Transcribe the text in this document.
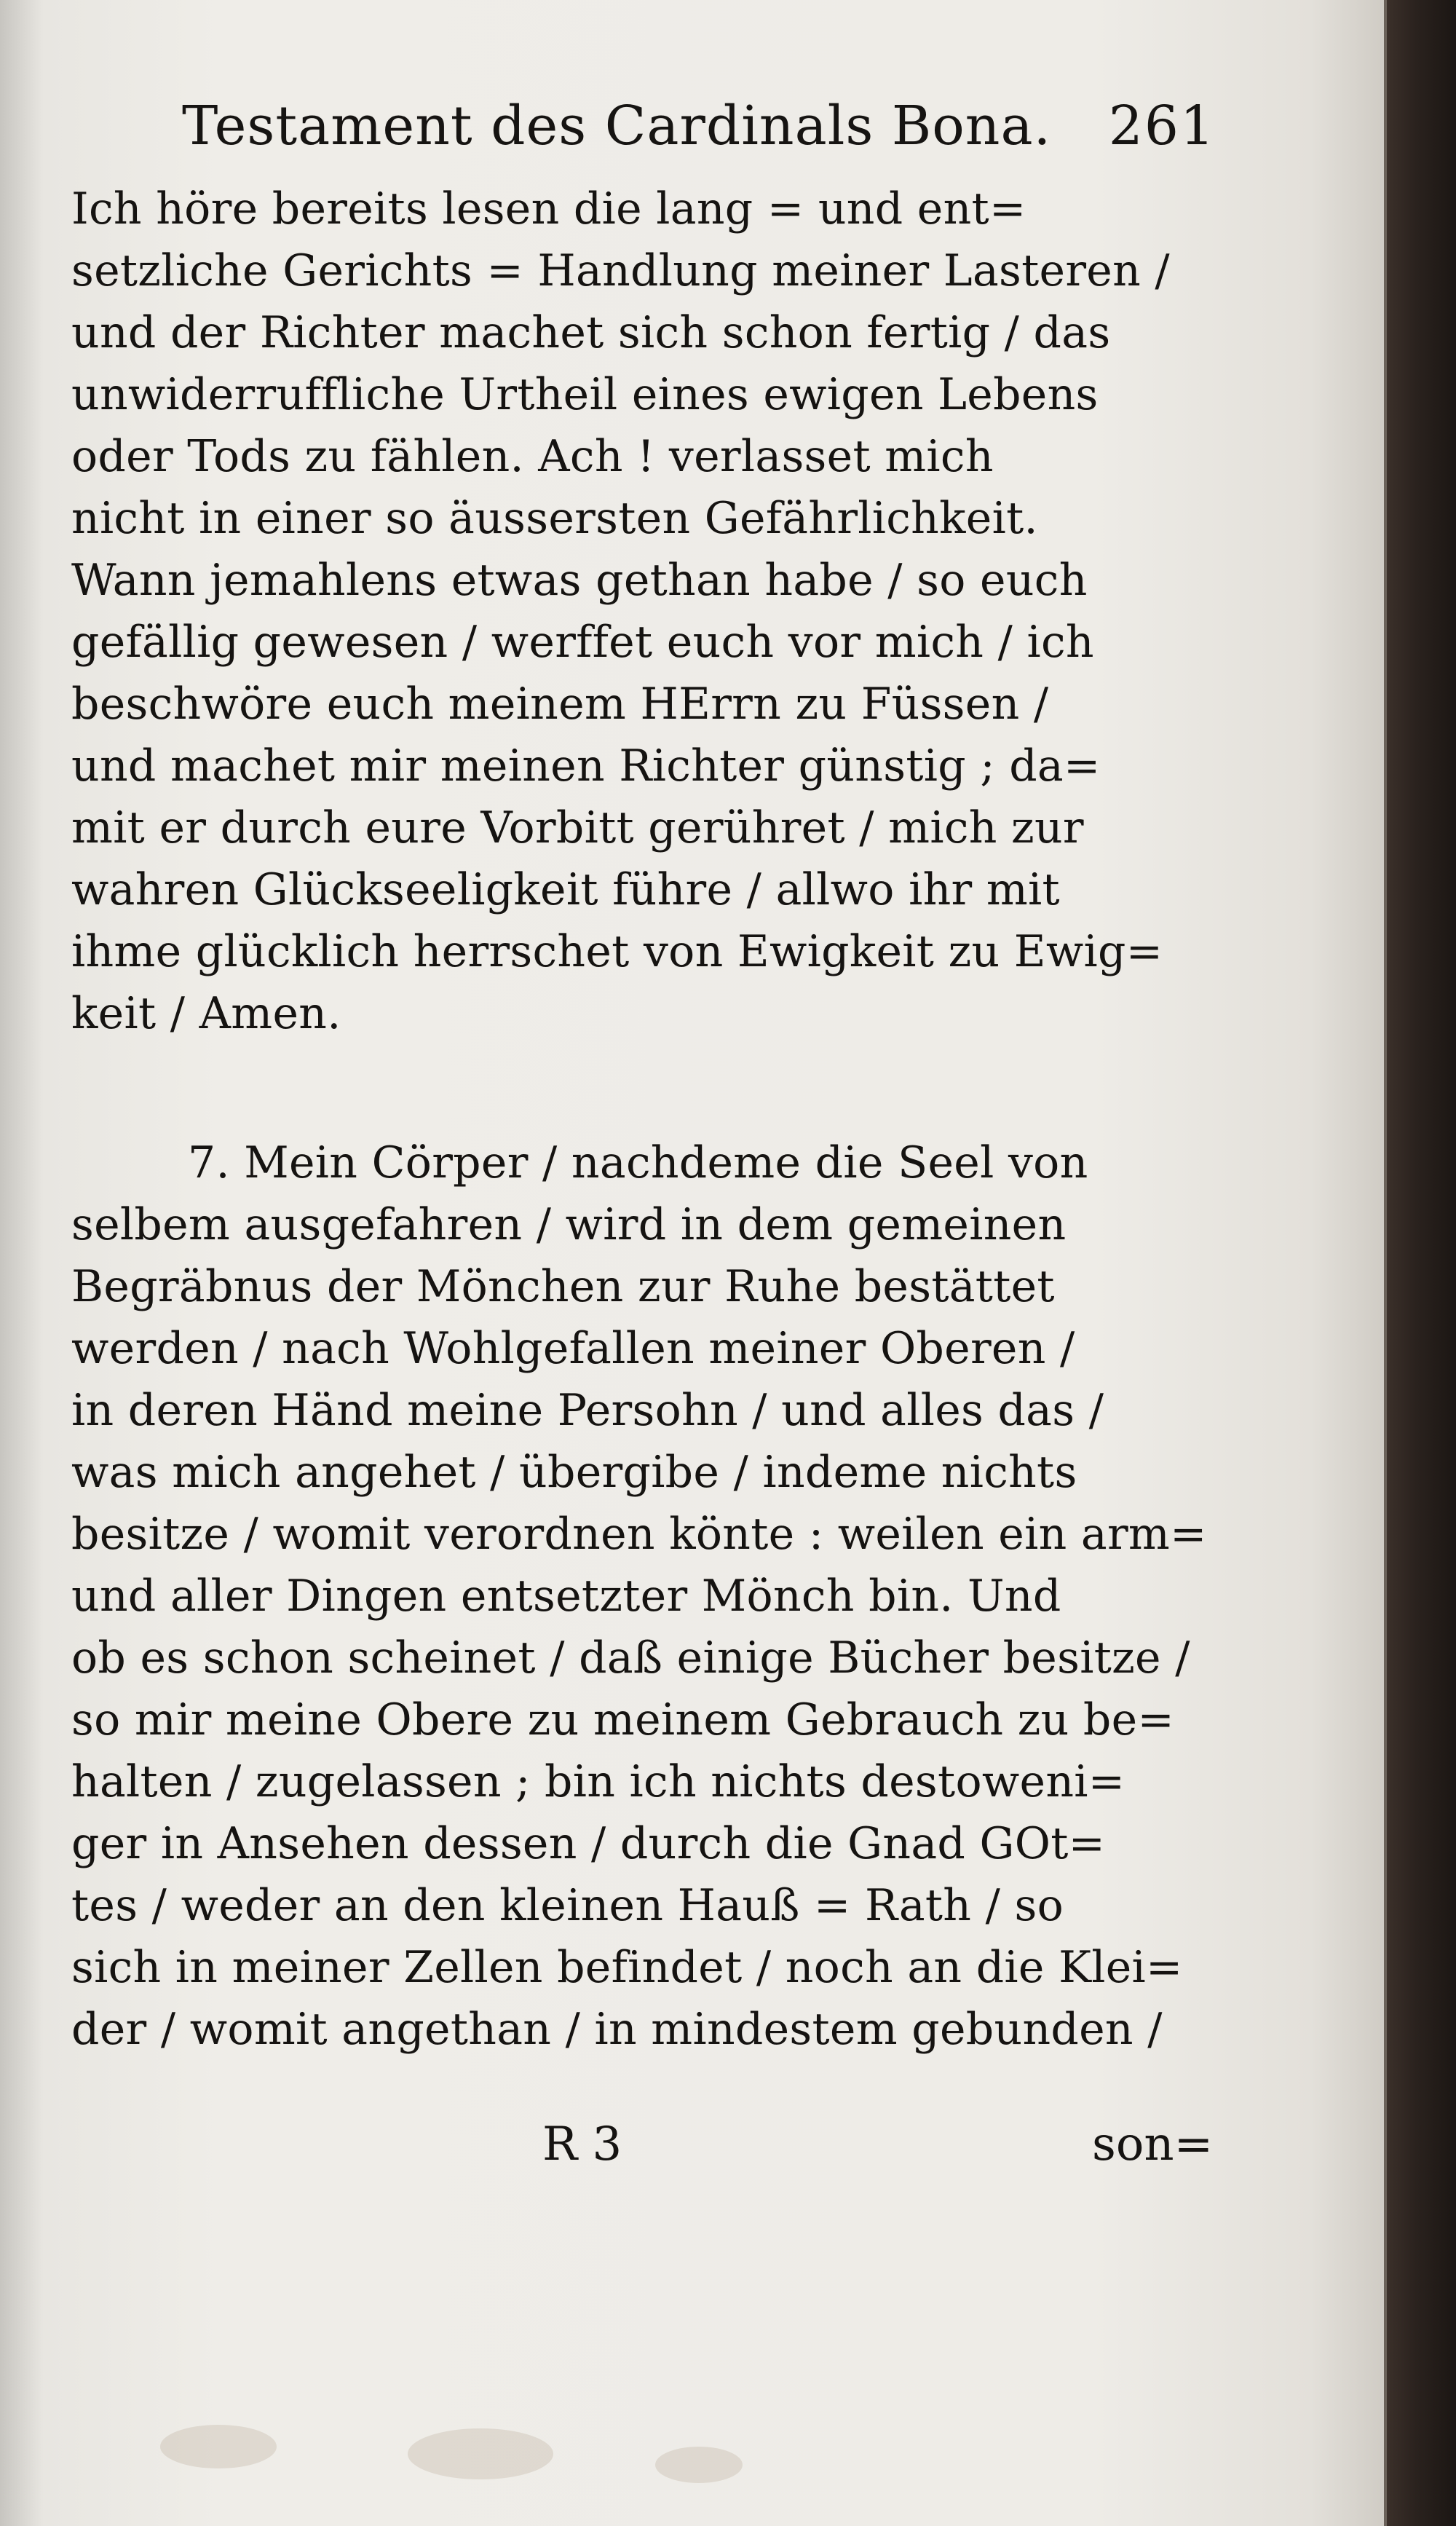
Testament des Cardinals Bona. 261
Ich höre bereits lesen die lang = und ent=
setzliche Gerichts = Handlung meiner Lasteren /
und der Richter machet sich schon fertig / das
unwiderruffliche Urtheil eines ewigen Lebens
oder Tods zu fählen. Ach ! verlasset mich
nicht in einer so äussersten Gefährlichkeit.
Wann jemahlens etwas gethan habe / so euch
gefällig gewesen / werffet euch vor mich / ich
beschwöre euch meinem HErrn zu Füssen /
und machet mir meinen Richter günstig ; da=
mit er durch eure Vorbitt gerühret / mich zur
wahren Glückseeligkeit führe / allwo ihr mit
ihme glücklich herrschet von Ewigkeit zu Ewig=
keit / Amen.
7. Mein Cörper / nachdeme die Seel von
selbem ausgefahren / wird in dem gemeinen
Begräbnus der Mönchen zur Ruhe bestättet
werden / nach Wohlgefallen meiner Oberen /
in deren Händ meine Persohn / und alles das /
was mich angehet / übergibe / indeme nichts
besitze / womit verordnen könte : weilen ein arm=
und aller Dingen entsetzter Mönch bin. Und
ob es schon scheinet / daß einige Bücher besitze /
so mir meine Obere zu meinem Gebrauch zu be=
halten / zugelassen ; bin ich nichts destoweni=
ger in Ansehen dessen / durch die Gnad GOt=
tes / weder an den kleinen Hauß = Rath / so
sich in meiner Zellen befindet / noch an die Klei=
der / womit angethan / in mindestem gebunden /
R 3	son=
